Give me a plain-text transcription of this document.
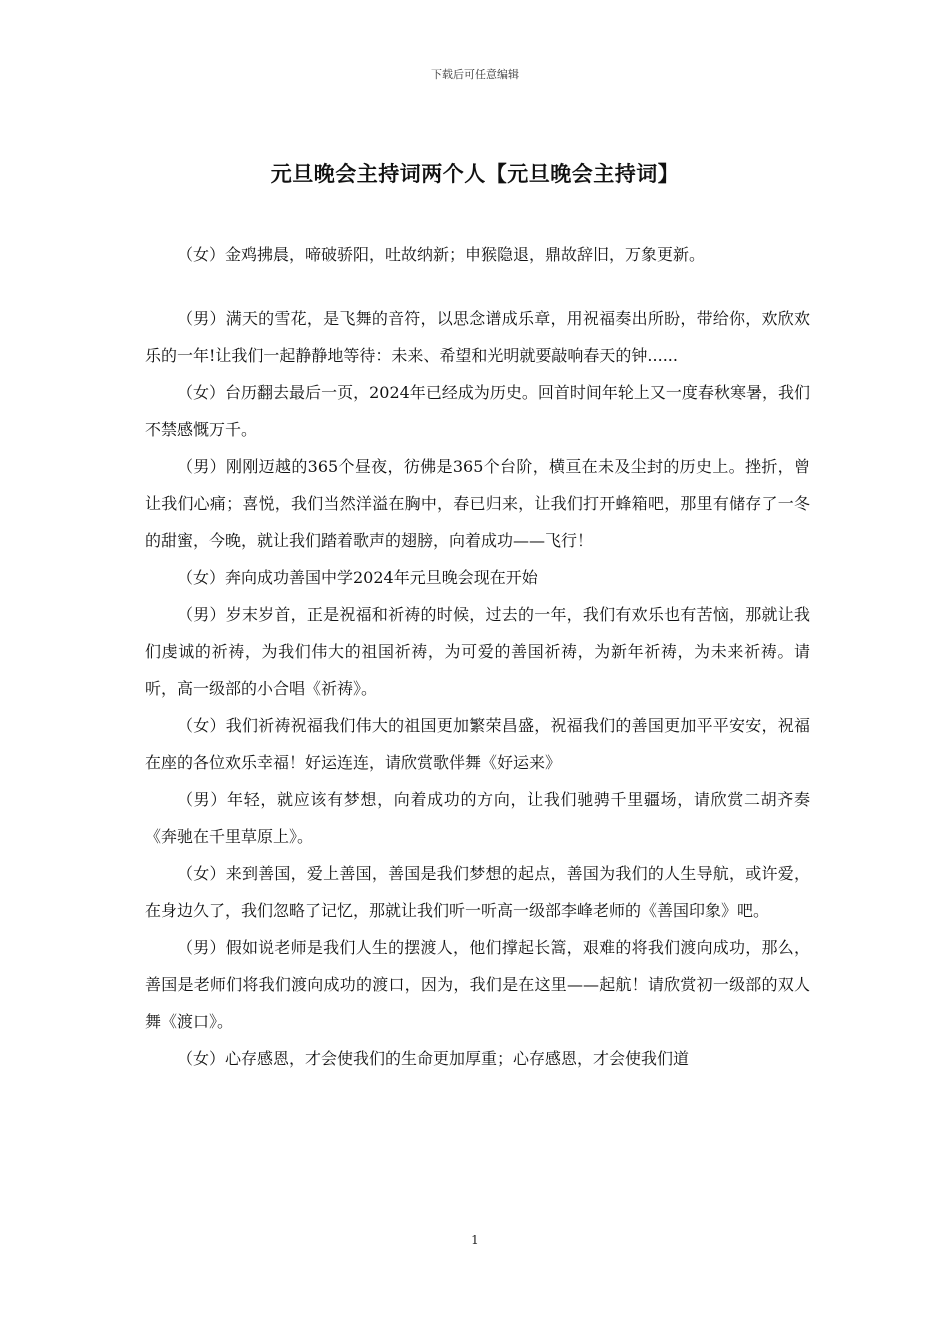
下载后可任意编辑
元旦晚会主持词两个人【元旦晚会主持词】

（女）金鸡拂晨，啼破骄阳，吐故纳新；申猴隐退，鼎故辞旧，万象更新。

（男）满天的雪花，是飞舞的音符，以思念谱成乐章，用祝福奏出所盼，带给你，欢欣欢乐的一年!让我们一起静静地等待：未来、希望和光明就要敲响春天的钟......

（女）台历翻去最后一页，2024年已经成为历史。回首时间年轮上又一度春秋寒暑，我们不禁感慨万千。

（男）刚刚迈越的365个昼夜，彷佛是365个台阶，横亘在未及尘封的历史上。挫折，曾让我们心痛；喜悦，我们当然洋溢在胸中，春已归来，让我们打开蜂箱吧，那里有储存了一冬的甜蜜，今晚，就让我们踏着歌声的翅膀，向着成功——飞行！

（女）奔向成功善国中学2024年元旦晚会现在开始

（男）岁末岁首，正是祝福和祈祷的时候，过去的一年，我们有欢乐也有苦恼，那就让我们虔诚的祈祷，为我们伟大的祖国祈祷，为可爱的善国祈祷，为新年祈祷，为未来祈祷。请听，高一级部的小合唱《祈祷》。

（女）我们祈祷祝福我们伟大的祖国更加繁荣昌盛，祝福我们的善国更加平平安安，祝福在座的各位欢乐幸福！好运连连，请欣赏歌伴舞《好运来》

（男）年轻，就应该有梦想，向着成功的方向，让我们驰骋千里疆场，请欣赏二胡齐奏《奔驰在千里草原上》。

（女）来到善国，爱上善国，善国是我们梦想的起点，善国为我们的人生导航，或许爱，在身边久了，我们忽略了记忆，那就让我们听一听高一级部李峰老师的《善国印象》吧。

（男）假如说老师是我们人生的摆渡人，他们撑起长篙，艰难的将我们渡向成功，那么，善国是老师们将我们渡向成功的渡口，因为，我们是在这里——起航！请欣赏初一级部的双人舞《渡口》。

（女）心存感恩，才会使我们的生命更加厚重；心存感恩，才会使我们道

1
